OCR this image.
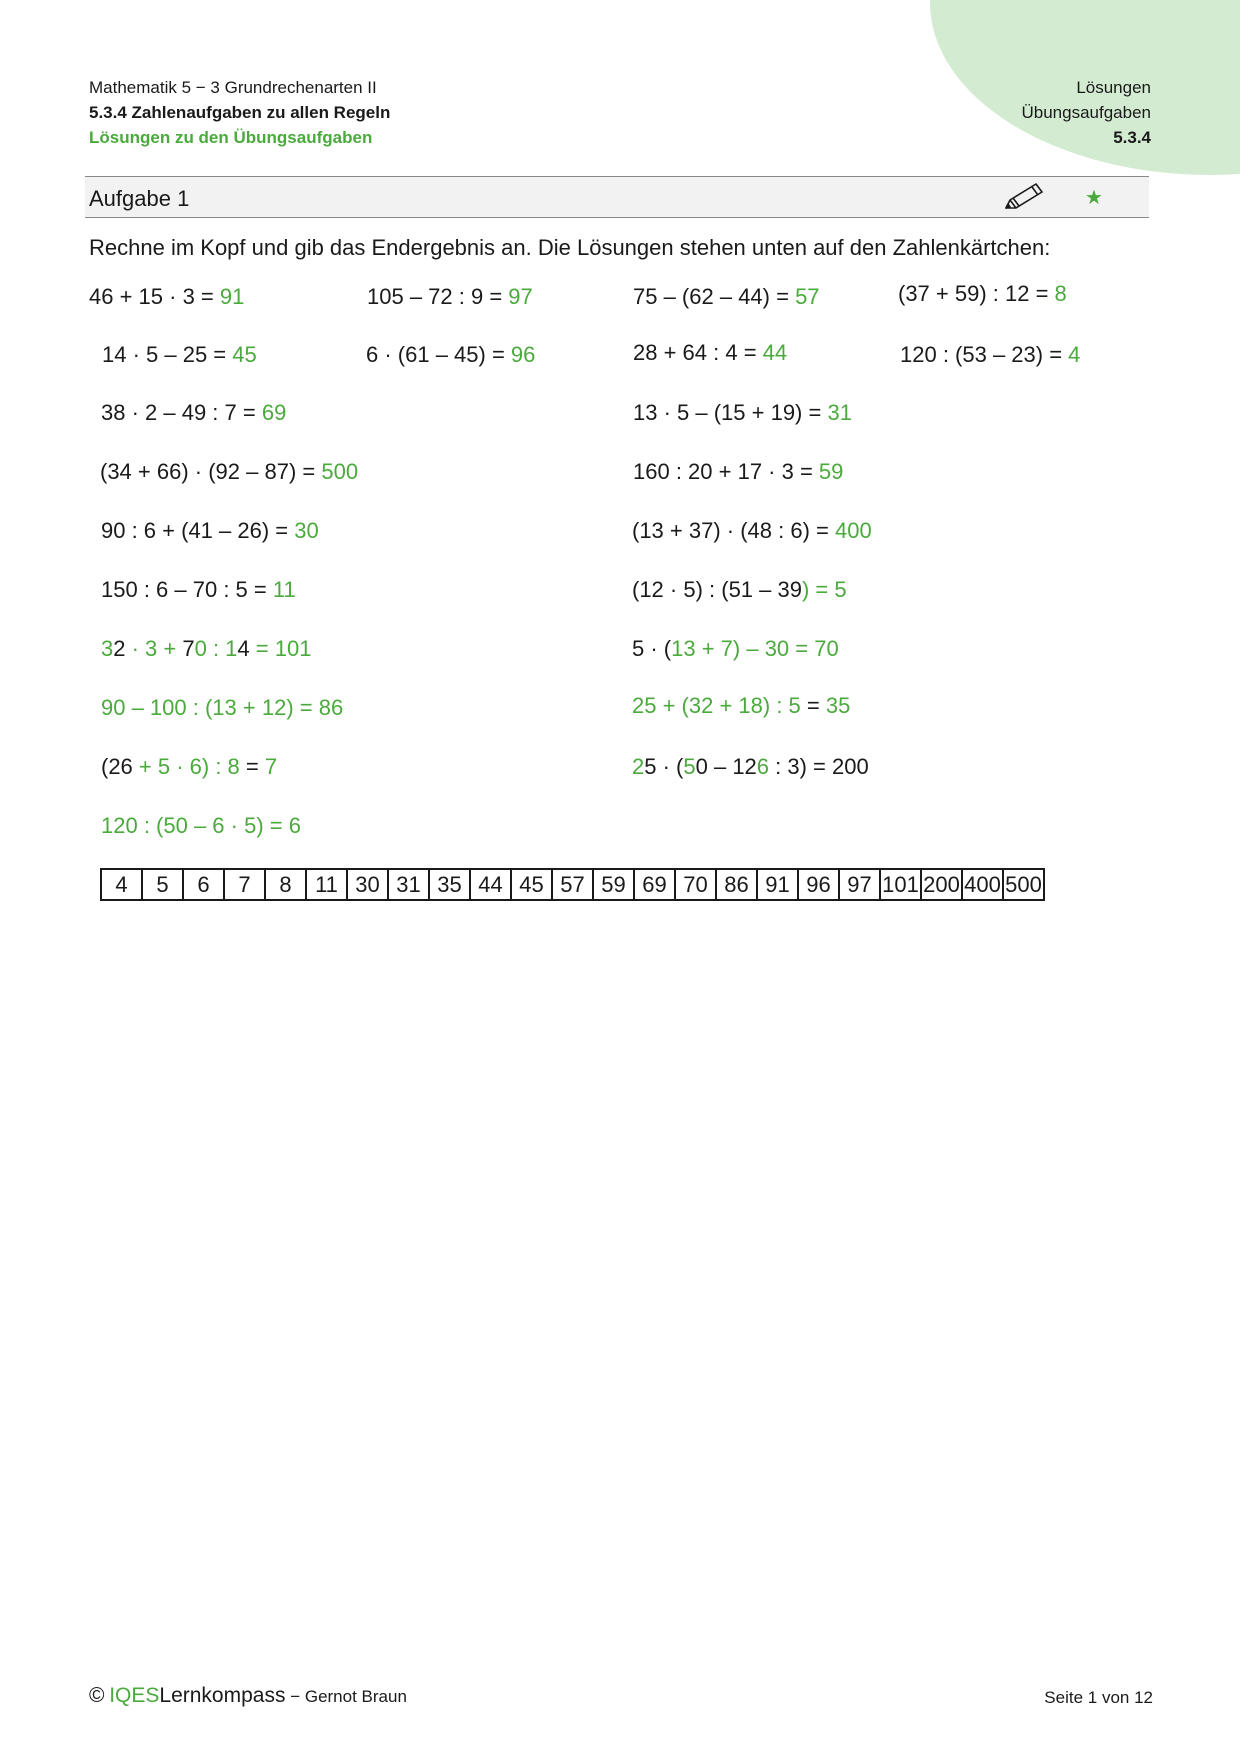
Mathematik 5 − 3 Grundrechenarten II
5.3.4 Zahlenaufgaben zu allen Regeln
Lösungen zu den Übungsaufgaben
Lösungen
Übungsaufgaben
5.3.4
Aufgabe 1	★
Rechne im Kopf und gib das Endergebnis an. Die Lösungen stehen unten auf den Zahlenkärtchen:
46 + 15 · 3 = 91	105 – 72 : 9 = 97	75 – (62 – 44) = 57	(37 + 59) : 12 = 8
14 · 5 – 25 = 45	6 · (61 – 45) = 96	28 + 64 : 4 = 44	120 : (53 – 23) = 4
38 · 2 – 49 : 7 = 69	13 · 5 – (15 + 19) = 31
(34 + 66) · (92 – 87) = 500	160 : 20 + 17 · 3 = 59
90 : 6 + (41 – 26) = 30	(13 + 37) · (48 : 6) = 400
150 : 6 – 70 : 5 = 11	(12 · 5) : (51 – 39) = 5
32 · 3 + 70 : 14 = 101	5 · (13 + 7) – 30 = 70
90 – 100 : (13 + 12) = 86	25 + (32 + 18) : 5 = 35
(26 + 5 · 6) : 8 = 7	25 · (50 – 126 : 3) = 200
120 : (50 – 6 · 5) = 6
4	5	6	7	8	11	30	31	35	44	45	57	59	69	70	86	91	96	97	101	200	400	500
© IQESLernkompass − Gernot Braun	Seite 1 von 12
